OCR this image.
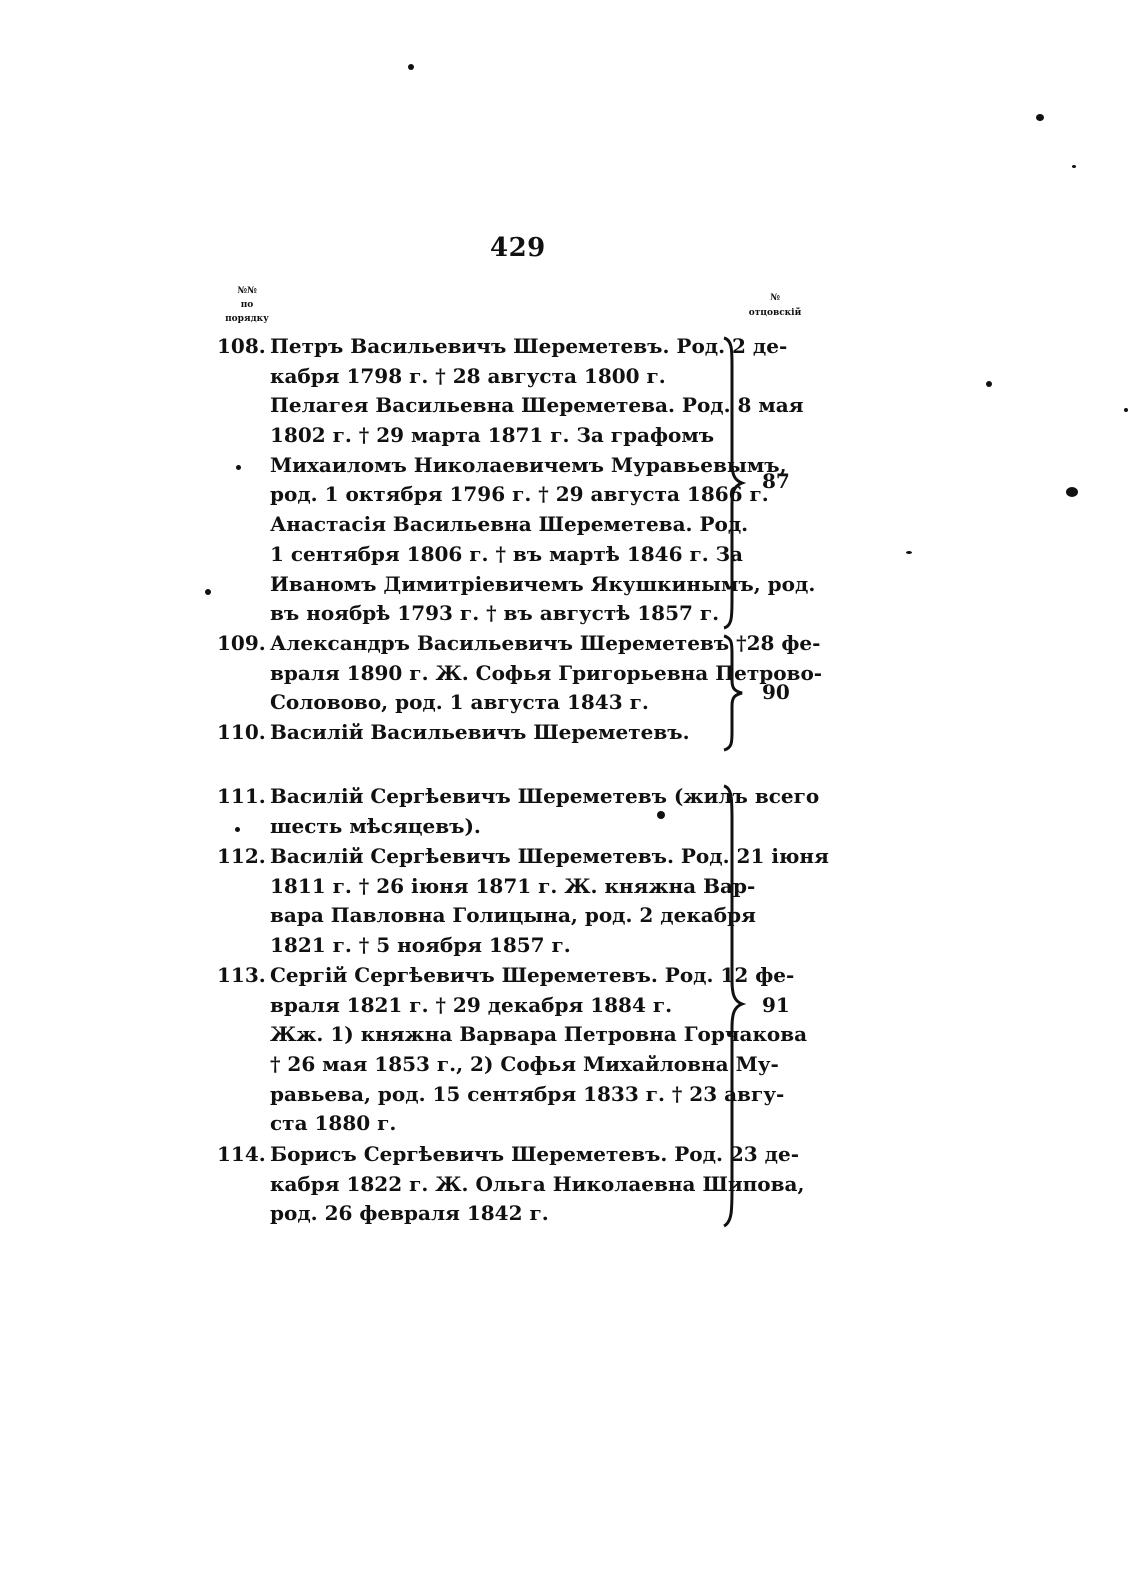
429
№№
по
порядку
№
отцовскій
108. Петръ Васильевичъ Шереметевъ. Род. 2 де-
кабря 1798 г. † 28 августа 1800 г.
Пелагея Васильевна Шереметева. Род. 8 мая
1802 г. † 29 марта 1871 г. За графомъ
Михаиломъ Николаевичемъ Муравьевымъ,
род. 1 октября 1796 г. † 29 августа 1866 г.
Анастасія Васильевна Шереметева. Род.
1 сентября 1806 г. † въ мартѣ 1846 г. За
Иваномъ Димитріевичемъ Якушкинымъ, род.
въ ноябрѣ 1793 г. † въ августѣ 1857 г.
109. Александръ Васильевичъ Шереметевъ †28 фе-
враля 1890 г. Ж. Софья Григорьевна Петрово-
Соловово, род. 1 августа 1843 г.
110. Василій Васильевичъ Шереметевъ.
111. Василій Сергѣевичъ Шереметевъ (жилъ всего
шесть мѣсяцевъ).
112. Василій Сергѣевичъ Шереметевъ. Род. 21 іюня
1811 г. † 26 іюня 1871 г. Ж. княжна Вар-
вара Павловна Голицына, род. 2 декабря
1821 г. † 5 ноября 1857 г.
113. Сергій Сергѣевичъ Шереметевъ. Род. 12 фе-
враля 1821 г. † 29 декабря 1884 г.
Жж. 1) княжна Варвара Петровна Горчакова
† 26 мая 1853 г., 2) Софья Михайловна Му-
равьева, род. 15 сентября 1833 г. † 23 авгу-
ста 1880 г.
114. Борисъ Сергѣевичъ Шереметевъ. Род. 23 де-
кабря 1822 г. Ж. Ольга Николаевна Шипова,
род. 26 февраля 1842 г.
87
90
91
